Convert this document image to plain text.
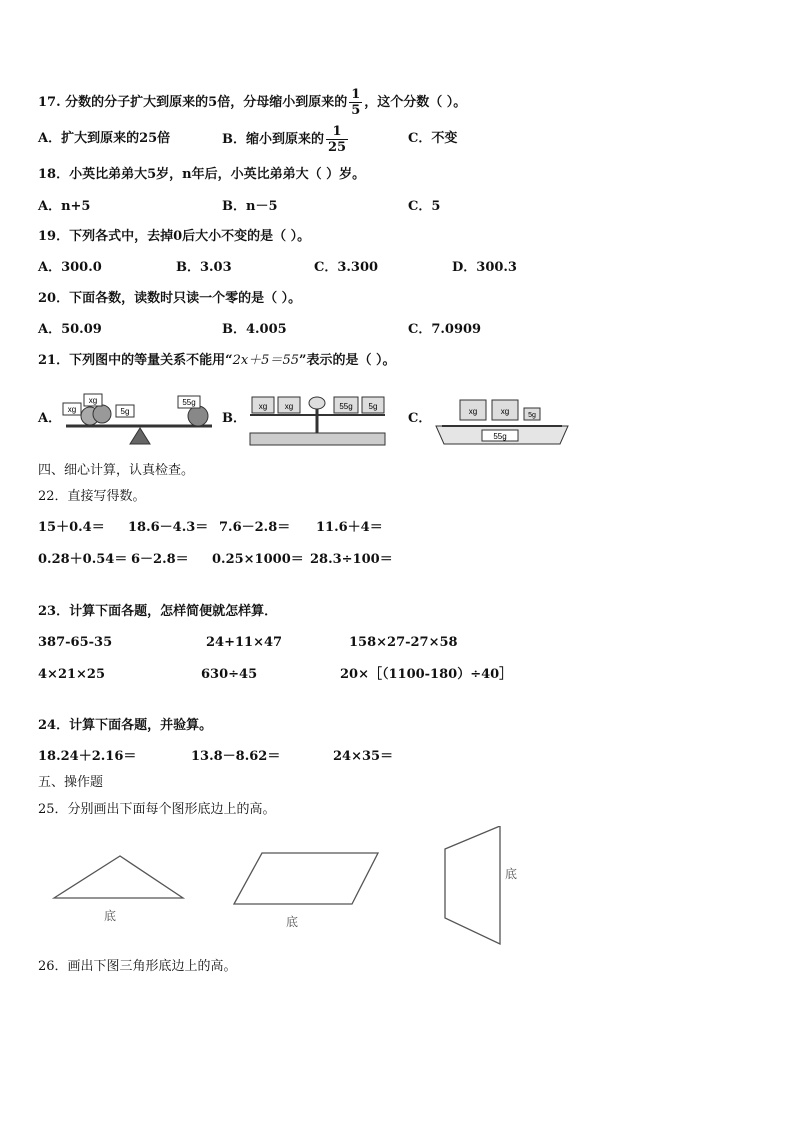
17. 分数的分子扩大到原来的5倍，分母缩小到原来的 $\frac{1}{5}$ ，这个分数（ ）。
A．扩大到原来的25倍	B．缩小到原来的 $\frac{1}{25}$	C．不变
18．小英比弟弟大5岁，n年后，小英比弟弟大（ ）岁。
A．n+5	B．n－5	C．5
19．下列各式中，去掉0后大小不变的是（ ）。
A．300.0	B．3.03	C．3.300	D．300.3
20．下面各数，读数时只读一个零的是（ ）。
A．50.09	B．4.005	C．7.0909
21．下列图中的等量关系不能用“2x＋5＝55”表示的是（ ）。
A．
xg
xg
5g
55g
B．
xg xg	55g 5g
C．	xg	xg	5g
55g
四、细心计算，认真检查。
22．直接写得数。
15＋0.4＝ 18.6－4.3＝ 7.6－2.8＝ 11.6＋4＝
0.28＋0.54＝ 6－2.8＝ 0.25×1000＝ 28.3÷100＝
23．计算下面各题，怎样简便就怎样算．
387-65-35	24+11×47	158×27-27×58
4×21×25	630÷45	20×［（1100-180）÷40］
24．计算下面各题，并验算。
18.24＋2.16＝	13.8－8.62＝	24×35＝
五、操作题
25．分别画出下面每个图形底边上的高。
底	底
底
26．画出下图三角形底边上的高。
